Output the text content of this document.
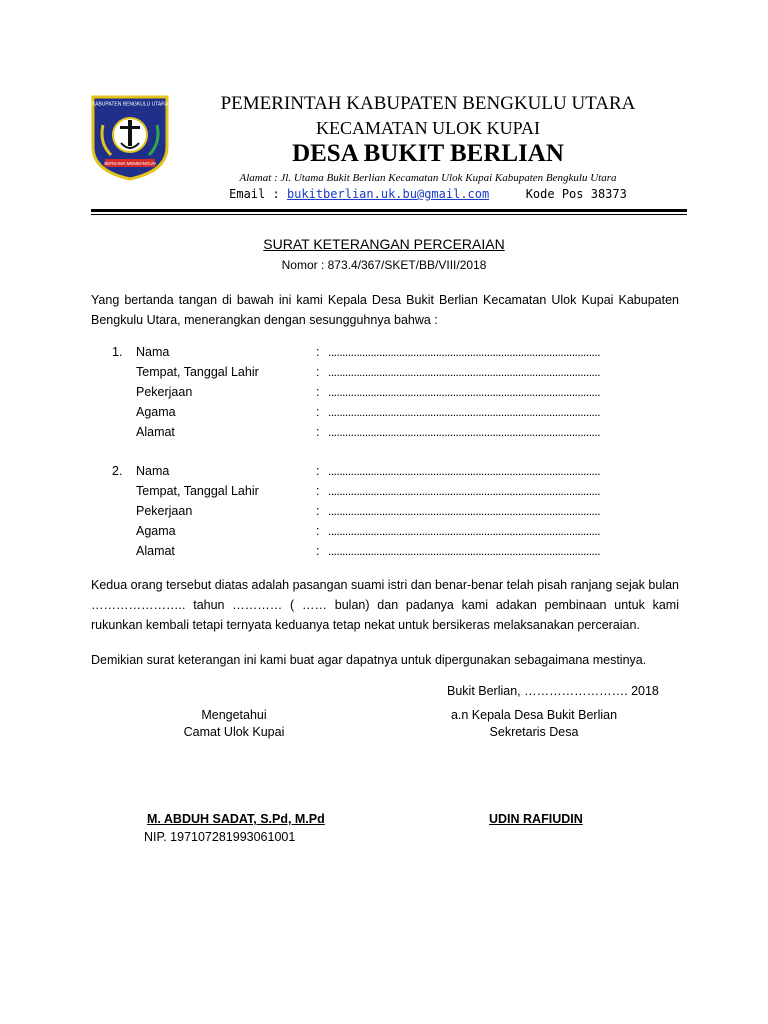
KABUPATEN BENGKULU UTARA
BERSAMA MEMBANGUN
PEMERINTAH KABUPATEN BENGKULU UTARA
KECAMATAN ULOK KUPAI
DESA BUKIT BERLIAN
Alamat : Jl. Utama Bukit Berlian Kecamatan Ulok Kupai Kabupaten Bengkulu Utara
Email : bukitberlian.uk.bu@gmail.com	Kode Pos 38373
SURAT KETERANGAN PERCERAIAN
Nomor : 873.4/367/SKET/BB/VIII/2018
Yang bertanda tangan di bawah ini kami Kepala Desa Bukit Berlian Kecamatan Ulok Kupai Kabupaten Bengkulu Utara, menerangkan dengan sesungguhnya bahwa :
1. Nama	: ................................................................................................
Tempat, Tanggal Lahir	: ................................................................................................
Pekerjaan	: ................................................................................................
Agama	: ................................................................................................
Alamat	: ................................................................................................
2. Nama	: ................................................................................................
Tempat, Tanggal Lahir	: ................................................................................................
Pekerjaan	: ................................................................................................
Agama	: ................................................................................................
Alamat	: ................................................................................................
Kedua orang tersebut diatas adalah pasangan suami istri dan benar-benar telah pisah ranjang sejak bulan ………………….. tahun ………… ( …… bulan) dan padanya kami adakan pembinaan untuk kami rukunkan kembali tetapi ternyata keduanya tetap nekat untuk bersikeras melaksanakan perceraian.
Demikian surat keterangan ini kami buat agar dapatnya untuk dipergunakan sebagaimana mestinya.
Bukit Berlian, ……………………. 2018
Mengetahui
Camat Ulok Kupai
a.n Kepala Desa Bukit Berlian
Sekretaris Desa
M. ABDUH SADAT, S.Pd, M.Pd
NIP. 197107281993061001
UDIN RAFIUDIN
